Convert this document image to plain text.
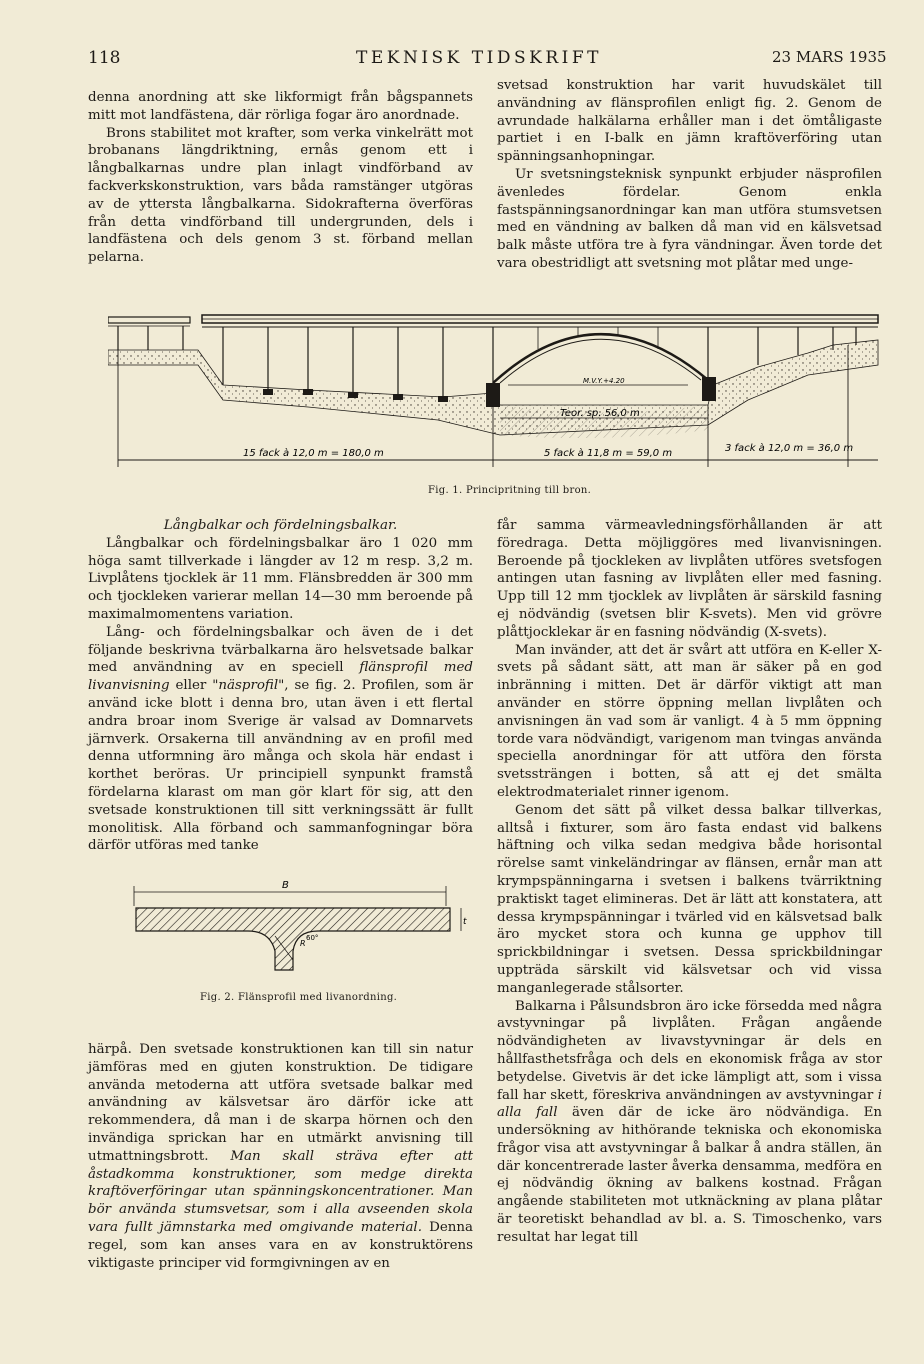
118	TEKNISK TIDSKRIFT	23 MARS 1935

denna anordning att ske likformigt från bågspannets mitt mot landfästena, där rörliga fogar äro anordnade.

Brons stabilitet mot krafter, som verka vinkelrätt mot brobanans längdriktning, ernås genom ett i långbalkarnas undre plan inlagt vindförband av fackverkskonstruktion, vars båda ramstänger utgöras av de yttersta långbalkarna. Sidokrafterna överföras från detta vindförband till undergrunden, dels i landfästena och dels genom 3 st. förband mellan pelarna.

svetsad konstruktion har varit huvudskälet till användning av flänsprofilen enligt fig. 2. Genom de avrundade halkälarna erhåller man i det ömtåligaste partiet i en I-balk en jämn kraftöverföring utan spänningsanhopningar.

Ur svetsningsteknisk synpunkt erbjuder näsprofilen ävenledes fördelar. Genom enkla fastspänningsanordningar kan man utföra stumsvetsen med en vändning av balken då man vid en kälsvetsad balk måste utföra tre à fyra vändningar. Även torde det vara obestridligt att svetsning mot plåtar med unge-

M.V.Y.+4.20
Teor. sp. 56,0 m
15 fack à 12,0 m = 180,0 m	5 fack à 11,8 m = 59,0 m	3 fack à 12,0 m = 36,0 m
Fig. 1. Principritning till bron.

Långbalkar och fördelningsbalkar.

Långbalkar och fördelningsbalkar äro 1 020 mm höga samt tillverkade i längder av 12 m resp. 3,2 m. Livplåtens tjocklek är 11 mm. Flänsbredden är 300 mm och tjockleken varierar mellan 14—30 mm beroende på maximalmomentens variation.

Lång- och fördelningsbalkar och även de i det följande beskrivna tvärbalkarna äro helsvetsade balkar med användning av en speciell flänsprofil med livanvisning eller "näsprofil", se fig. 2. Profilen, som är använd icke blott i denna bro, utan även i ett flertal andra broar inom Sverige är valsad av Domnarvets järnverk. Orsakerna till användning av en profil med denna utformning äro många och skola här endast i korthet beröras. Ur principiell synpunkt framstå fördelarna klarast om man gör klart för sig, att den svetsade konstruktionen till sitt verkningssätt är fullt monolitisk. Alla förband och sammanfogningar böra därför utföras med tanke

B
t
R
60°
Fig. 2. Flänsprofil med livanordning.

härpå. Den svetsade konstruktionen kan till sin natur jämföras med en gjuten konstruktion. De tidigare använda metoderna att utföra svetsade balkar med användning av kälsvetsar äro därför icke att rekommendera, då man i de skarpa hörnen och den invändiga sprickan har en utmärkt anvisning till utmattningsbrott. Man skall sträva efter att åstadkomma konstruktioner, som medge direkta kraftöverföringar utan spänningskoncentrationer. Man bör använda stumsvetsar, som i alla avseenden skola vara fullt jämnstarka med omgivande material. Denna regel, som kan anses vara en av konstruktörens viktigaste principer vid formgivningen av en

får samma värmeavledningsförhållanden är att föredraga. Detta möjliggöres med livanvisningen. Beroende på tjockleken av livplåten utföres svetsfogen antingen utan fasning av livplåten eller med fasning. Upp till 12 mm tjocklek av livplåten är särskild fasning ej nödvändig (svetsen blir K-svets). Men vid grövre plåttjocklekar är en fasning nödvändig (X-svets).

Man invänder, att det är svårt att utföra en K-eller X-svets på sådant sätt, att man är säker på en god inbränning i mitten. Det är därför viktigt att man använder en större öppning mellan livplåten och anvisningen än vad som är vanligt. 4 à 5 mm öppning torde vara nödvändigt, varigenom man tvingas använda speciella anordningar för att utföra den första svetssträngen i botten, så att ej det smälta elektrodmaterialet rinner igenom.

Genom det sätt på vilket dessa balkar tillverkas, alltså i fixturer, som äro fasta endast vid balkens häftning och vilka sedan medgiva både horisontal rörelse samt vinkeländringar av flänsen, ernår man att krympspänningarna i svetsen i balkens tvärriktning praktiskt taget elimineras. Det är lätt att konstatera, att dessa krympspänningar i tvärled vid en kälsvetsad balk äro mycket stora och kunna ge upphov till sprickbildningar i svetsen. Dessa sprickbildningar uppträda särskilt vid kälsvetsar och vid vissa manganlegerade stålsorter.

Balkarna i Pålsundsbron äro icke försedda med några avstyvningar på livplåten. Frågan angående nödvändigheten av livavstyvningar är dels en hållfasthetsfråga och dels en ekonomisk fråga av stor betydelse. Givetvis är det icke lämpligt att, som i vissa fall har skett, föreskriva användningen av avstyvningar i alla fall även där de icke äro nödvändiga. En undersökning av hithörande tekniska och ekonomiska frågor visa att avstyvningar å balkar å andra ställen, än där koncentrerade laster åverka densamma, medföra en ej nödvändig ökning av balkens kostnad. Frågan angående stabiliteten mot utknäckning av plana plåtar är teoretiskt behandlad av bl. a. S. Timoschenko, vars resultat har legat till
